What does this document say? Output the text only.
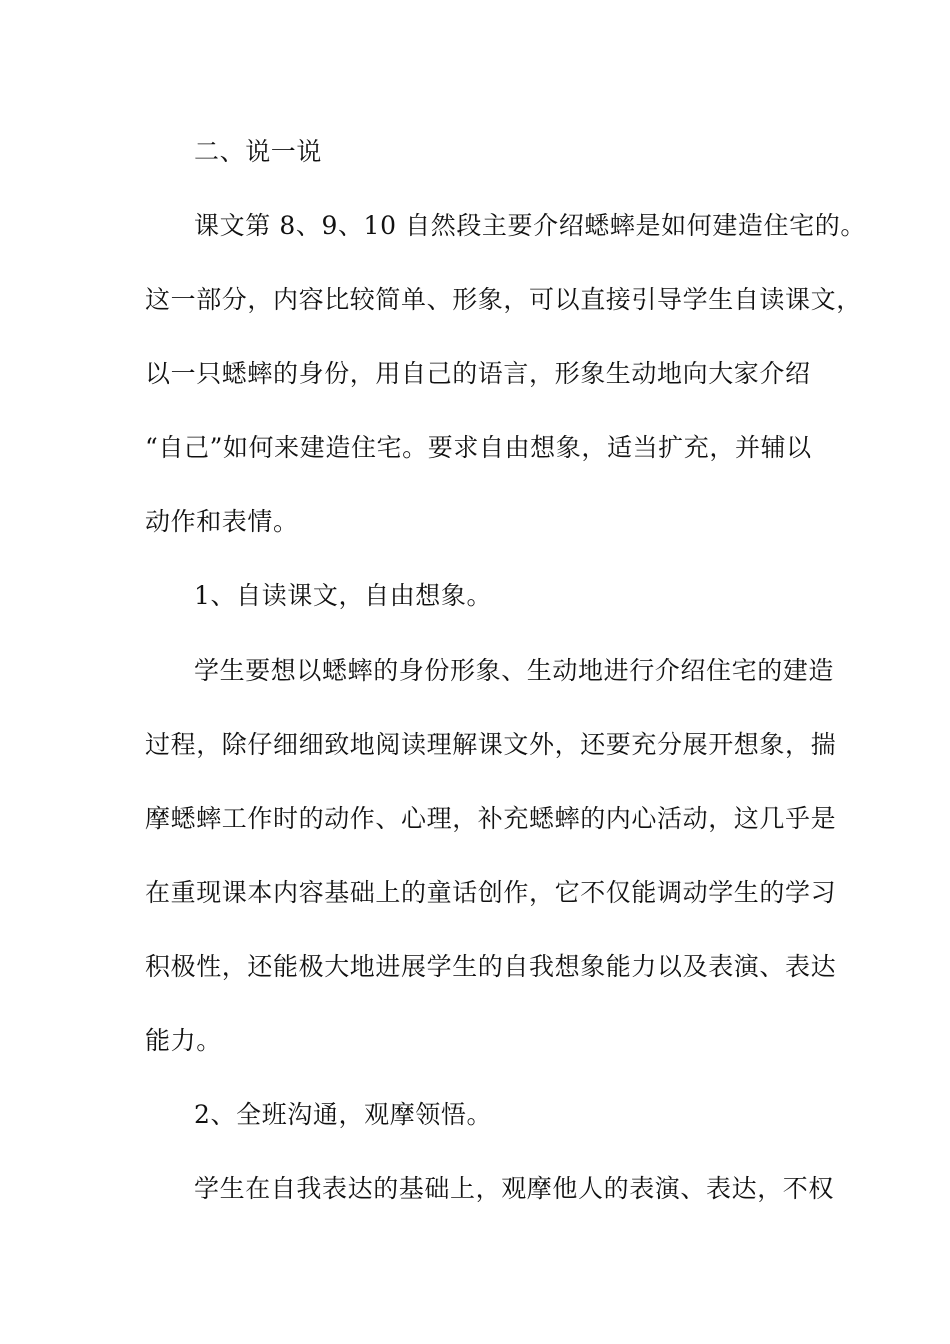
二、说一说
课文第 8、9、10 自然段主要介绍蟋蟀是如何建造住宅的。
这一部分，内容比较简单、形象，可以直接引导学生自读课文，
以一只蟋蟀的身份，用自己的语言，形象生动地向大家介绍
“自己”如何来建造住宅。要求自由想象，适当扩充，并辅以
动作和表情。
1、自读课文，自由想象。
学生要想以蟋蟀的身份形象、生动地进行介绍住宅的建造
过程，除仔细细致地阅读理解课文外，还要充分展开想象，揣
摩蟋蟀工作时的动作、心理，补充蟋蟀的内心活动，这几乎是
在重现课本内容基础上的童话创作，它不仅能调动学生的学习
积极性，还能极大地进展学生的自我想象能力以及表演、表达
能力。
2、全班沟通，观摩领悟。
学生在自我表达的基础上，观摩他人的表演、表达，不权
